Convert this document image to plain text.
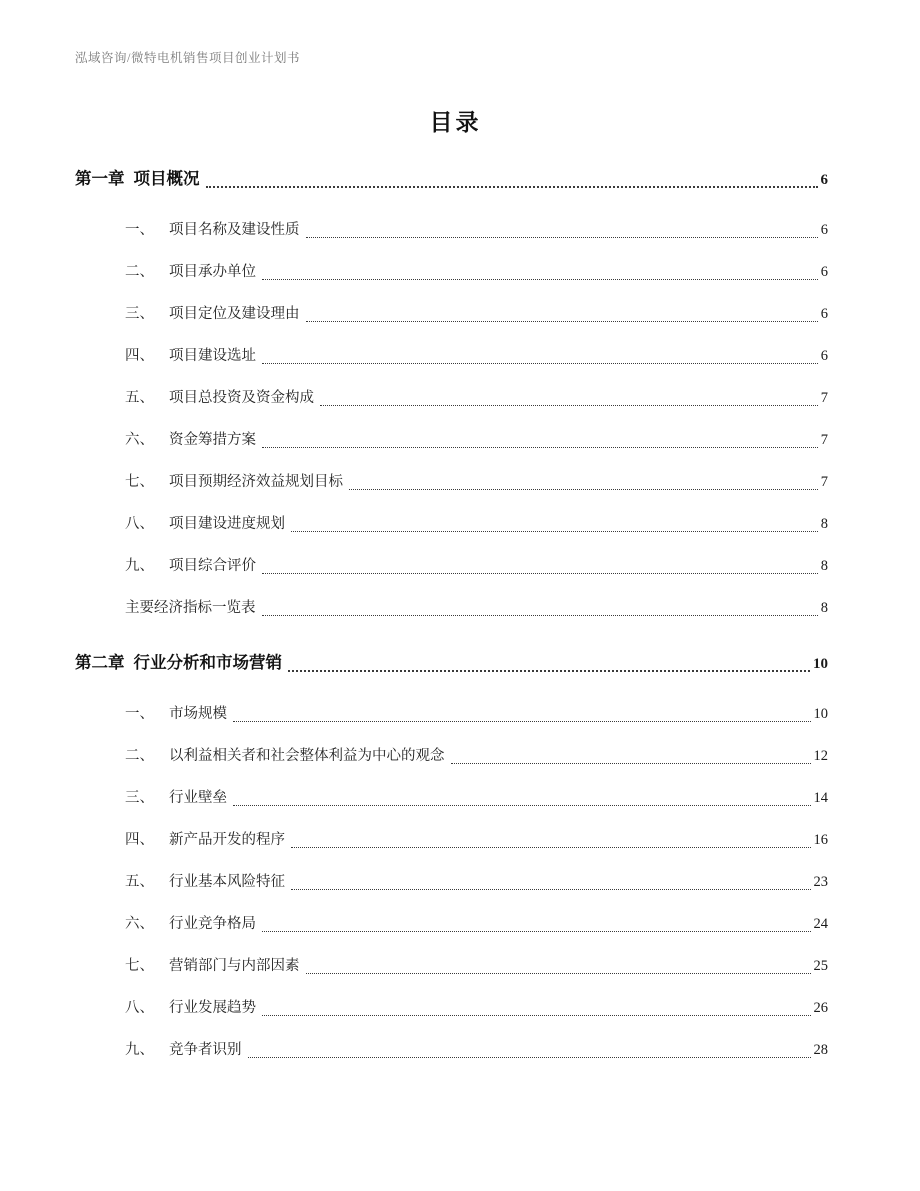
泓域咨询/微特电机销售项目创业计划书
目录
第一章 项目概况	6
一、 项目名称及建设性质	6
二、 项目承办单位	6
三、 项目定位及建设理由	6
四、 项目建设选址	6
五、 项目总投资及资金构成	7
六、 资金筹措方案	7
七、 项目预期经济效益规划目标	7
八、 项目建设进度规划	8
九、 项目综合评价	8
主要经济指标一览表	8
第二章 行业分析和市场营销	10
一、 市场规模	10
二、 以利益相关者和社会整体利益为中心的观念	12
三、 行业壁垒	14
四、 新产品开发的程序	16
五、 行业基本风险特征	23
六、 行业竞争格局	24
七、 营销部门与内部因素	25
八、 行业发展趋势	26
九、 竞争者识别	28
